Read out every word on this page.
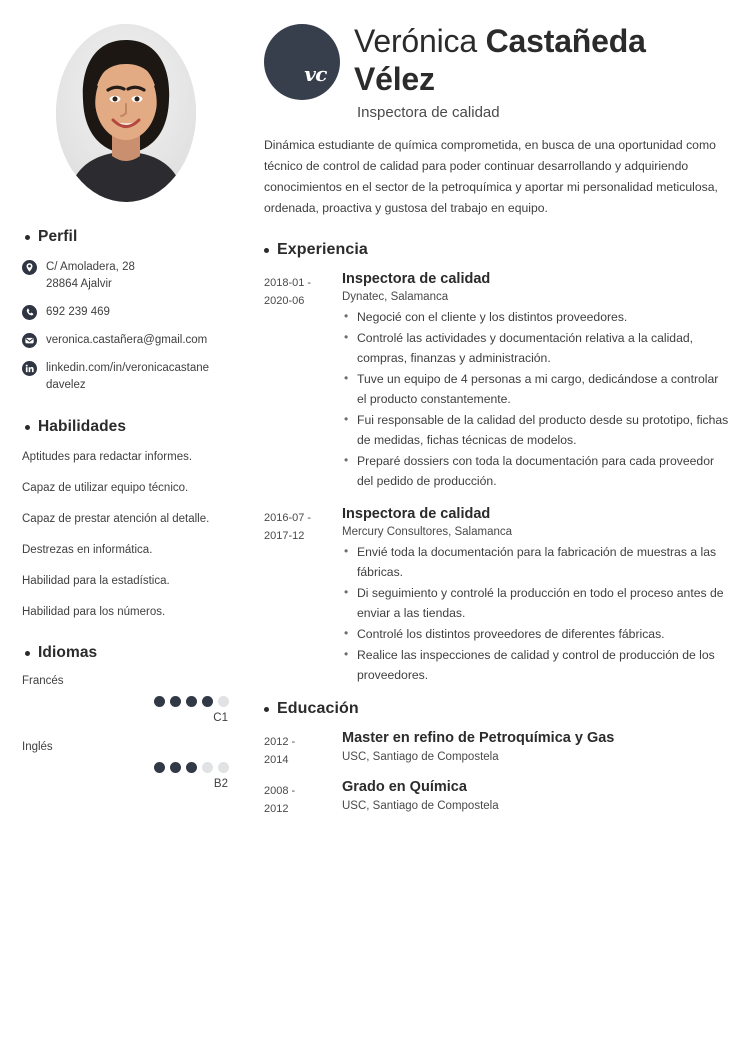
Perfil
C/ Amoladera, 28
28864 Ajalvir
692 239 469
veronica.castañera@gmail.com
linkedin.com/in/veronicacastane
davelez
Habilidades
Aptitudes para redactar informes.
Capaz de utilizar equipo técnico.
Capaz de prestar atención al detalle.
Destrezas en informática.
Habilidad para la estadística.
Habilidad para los números.
Idiomas
Francés
C1
Inglés
B2
vc
Verónica Castañeda Vélez
Inspectora de calidad

Dinámica estudiante de química comprometida, en busca de una oportunidad como técnico de control de calidad para poder continuar desarrollando y adquiriendo conocimientos en el sector de la petroquímica y aportar mi personalidad meticulosa, ordenada, proactiva y gustosa del trabajo en equipo.

Experiencia
2018-01 -
2020-06
Inspectora de calidad
Dynatec, Salamanca
• Negocié con el cliente y los distintos proveedores.
• Controlé las actividades y documentación relativa a la calidad, compras, finanzas y administración.
• Tuve un equipo de 4 personas a mi cargo, dedicándose a controlar el producto constantemente.
• Fui responsable de la calidad del producto desde su prototipo, fichas de medidas, fichas técnicas de modelos.
• Preparé dossiers con toda la documentación para cada proveedor del pedido de producción.
2016-07 -
2017-12
Inspectora de calidad
Mercury Consultores, Salamanca
• Envié toda la documentación para la fabricación de muestras a las fábricas.
• Di seguimiento y controlé la producción en todo el proceso antes de enviar a las tiendas.
• Controlé los distintos proveedores de diferentes fábricas.
• Realice las inspecciones de calidad y control de producción de los proveedores.
Educación
2012 -
2014
Master en refino de Petroquímica y Gas
USC, Santiago de Compostela
2008 -
2012
Grado en Química
USC, Santiago de Compostela
